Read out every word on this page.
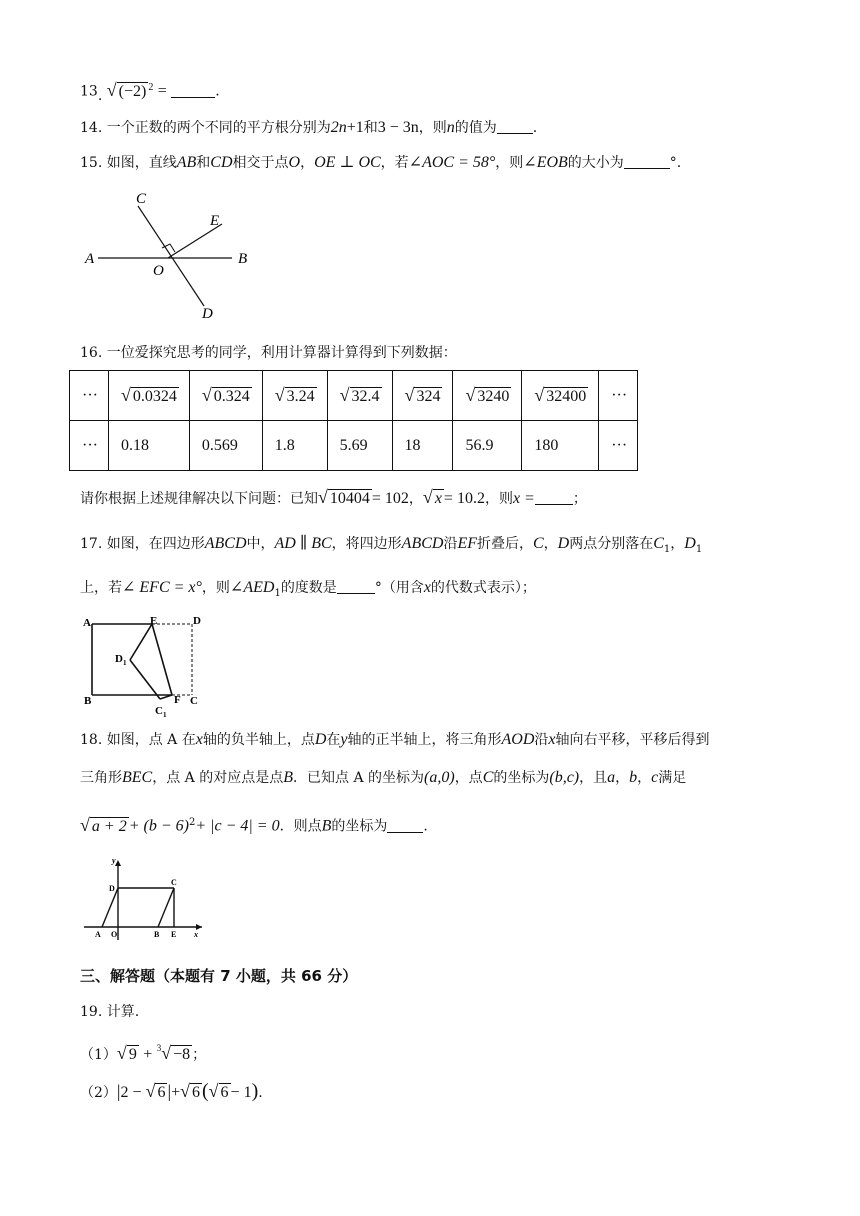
13. √ (−2) $^2$ =	.
14. 一个正数的两个不同的平方根分别为2n+1和3 − 3n，则n的值为	.
15. 如图，直线AB和CD相交于点O，OE ⊥ OC，若∠AOC = 58°，则∠EOB的大小为	°.
C
E
A	B
O
D
16. 一位爱探究思考的同学，利用计算器计算得到下列数据：
···	√ 0.0324	√ 0.324	√ 3.24	√ 32.4	√ 324	√ 3240	√ 32400	···
···	0.18	0.569	1.8	5.69	18	56.9	180	···
请你根据上述规律解决以下问题：已知√ 10404 = 102，√ x = 10.2，则x =	；
17. 如图，在四边形ABCD中，AD ∥ BC，将四边形ABCD沿EF折叠后，C，D两点分别落在$C_1$，$D_1$
上，若∠ EFC = x°，则$\angle AED_1$的度数是	°（用含x的代数式表示）；
A	E	D
$D_1$
B
$C_1$
F C
18. 如图，点 A 在x轴的负半轴上，点D在y轴的正半轴上，将三角形AOD沿x轴向右平移，平移后得到
三角形BEC，点 A 的对应点是点B．已知点 A 的坐标为(a,0)，点C的坐标为(b,c)，且a，b，c满足
√ $a + 2 + (b - 6)^2+ |c - 4| = 0$．则点B的坐标为	.
y
D
C
A O	B E x
三、解答题（本题有 7 小题，共 66 分）
19. 计算.
（1）√ 9 + $^3$√ −8 ；
（2）|2 − √ 6 |+√ 6 (√ 6 − 1).
